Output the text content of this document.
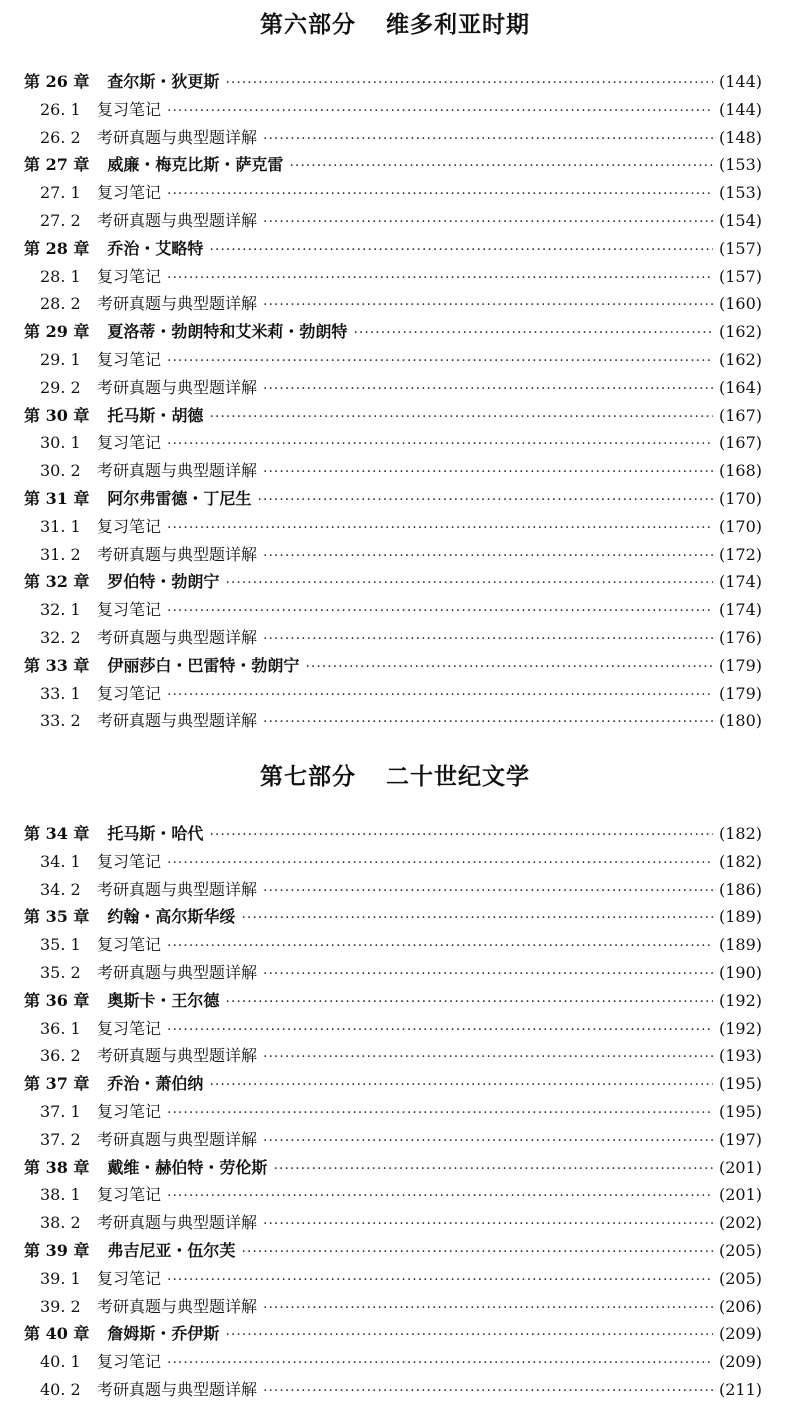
第六部分 维多利亚时期
第 26 章 查尔斯・狄更斯 ·····	(144)
26. 1 复习笔记 ·····	(144)
26. 2 考研真题与典型题详解 ·····	(148)
第 27 章 威廉・梅克比斯・萨克雷 ·····	(153)
27. 1 复习笔记 ·····	(153)
27. 2 考研真题与典型题详解 ·····	(154)
第 28 章 乔治・艾略特 ·····	(157)
28. 1 复习笔记 ·····	(157)
28. 2 考研真题与典型题详解 ·····	(160)
第 29 章 夏洛蒂・勃朗特和艾米莉・勃朗特 ·····	(162)
29. 1 复习笔记 ·····	(162)
29. 2 考研真题与典型题详解 ·····	(164)
第 30 章 托马斯・胡德 ·····	(167)
30. 1 复习笔记 ·····	(167)
30. 2 考研真题与典型题详解 ·····	(168)
第 31 章 阿尔弗雷德・丁尼生 ·····	(170)
31. 1 复习笔记 ·····	(170)
31. 2 考研真题与典型题详解 ·····	(172)
第 32 章 罗伯特・勃朗宁 ·····	(174)
32. 1 复习笔记 ·····	(174)
32. 2 考研真题与典型题详解 ·····	(176)
第 33 章 伊丽莎白・巴雷特・勃朗宁 ·····	(179)
33. 1 复习笔记 ·····	(179)
33. 2 考研真题与典型题详解 ·····	(180)
第七部分 二十世纪文学
第 34 章 托马斯・哈代 ·····	(182)
34. 1 复习笔记 ·····	(182)
34. 2 考研真题与典型题详解 ·····	(186)
第 35 章 约翰・高尔斯华绥 ·····	(189)
35. 1 复习笔记 ·····	(189)
35. 2 考研真题与典型题详解 ·····	(190)
第 36 章 奥斯卡・王尔德 ·····	(192)
36. 1 复习笔记 ·····	(192)
36. 2 考研真题与典型题详解 ·····	(193)
第 37 章 乔治・萧伯纳 ·····	(195)
37. 1 复习笔记 ·····	(195)
37. 2 考研真题与典型题详解 ·····	(197)
第 38 章 戴维・赫伯特・劳伦斯 ·····	(201)
38. 1 复习笔记 ·····	(201)
38. 2 考研真题与典型题详解 ·····	(202)
第 39 章 弗吉尼亚・伍尔芙 ·····	(205)
39. 1 复习笔记 ·····	(205)
39. 2 考研真题与典型题详解 ·····	(206)
第 40 章 詹姆斯・乔伊斯 ·····	(209)
40. 1 复习笔记 ·····	(209)
40. 2 考研真题与典型题详解 ·····	(211)
